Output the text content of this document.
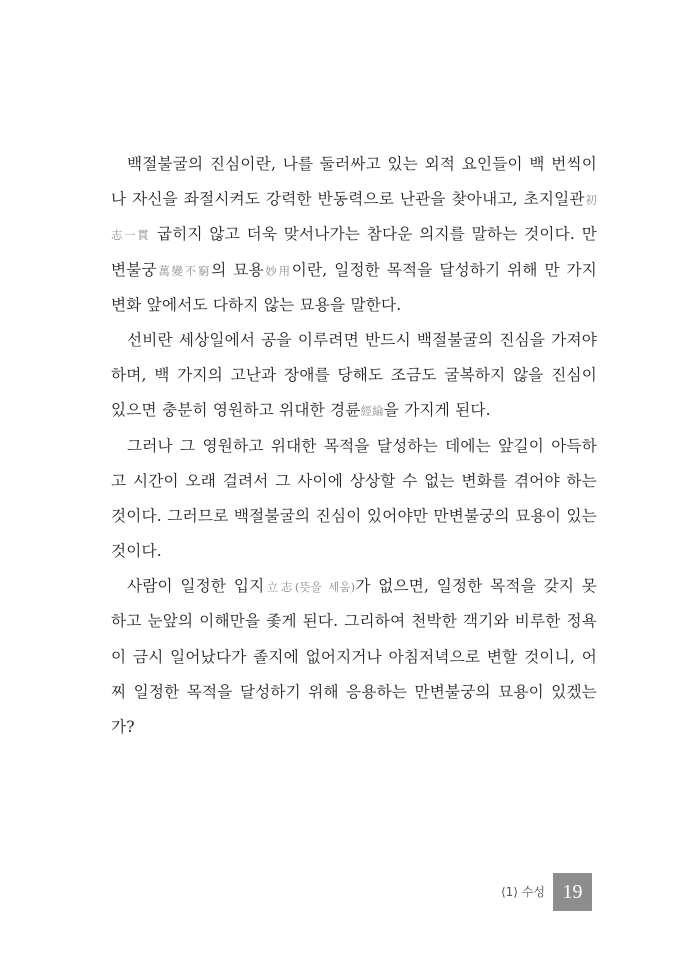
백절불굴의 진심이란, 나를 둘러싸고 있는 외적 요인들이 백 번씩이
나 자신을 좌절시켜도 강력한 반동력으로 난관을 찾아내고, 초지일관初
志一貫 굽히지 않고 더욱 맞서나가는 참다운 의지를 말하는 것이다. 만
변불궁萬變不窮의 묘용妙用이란, 일정한 목적을 달성하기 위해 만 가지
변화 앞에서도 다하지 않는 묘용을 말한다.
선비란 세상일에서 공을 이루려면 반드시 백절불굴의 진심을 가져야
하며, 백 가지의 고난과 장애를 당해도 조금도 굴복하지 않을 진심이
있으면 충분히 영원하고 위대한 경륜經綸을 가지게 된다.
그러나 그 영원하고 위대한 목적을 달성하는 데에는 앞길이 아득하
고 시간이 오래 걸려서 그 사이에 상상할 수 없는 변화를 겪어야 하는
것이다. 그러므로 백절불굴의 진심이 있어야만 만변불궁의 묘용이 있는
것이다.
사람이 일정한 입지立志(뜻을 세움)가 없으면, 일정한 목적을 갖지 못
하고 눈앞의 이해만을 좇게 된다. 그리하여 천박한 객기와 비루한 정욕
이 금시 일어났다가 졸지에 없어지거나 아침저녁으로 변할 것이니, 어
찌 일정한 목적을 달성하기 위해 응용하는 만변불궁의 묘용이 있겠는
가?
⟨1⟩ 수성 19
